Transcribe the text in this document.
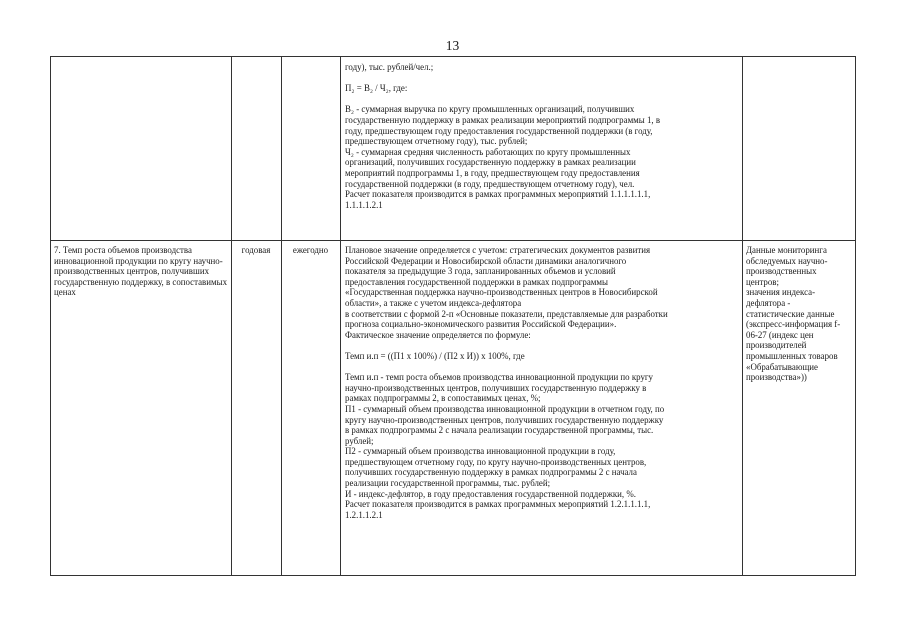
13

году), тыс. рублей/чел.;

П₂ = В₂ / Ч₂, где:

В₂ - суммарная выручка по кругу промышленных организаций, получивших
государственную поддержку в рамках реализации мероприятий подпрограммы 1, в
году, предшествующем году предоставления государственной поддержки (в году,
предшествующем отчетному году), тыс. рублей;
Ч₂ - суммарная средняя численность работающих по кругу промышленных
организаций, получивших государственную поддержку в рамках реализации
мероприятий подпрограммы 1, в году, предшествующем году предоставления
государственной поддержки (в году, предшествующем отчетному году), чел.
Расчет показателя производится в рамках программных мероприятий 1.1.1.1.1.1,
1.1.1.1.2.1

7. Темп роста объемов производства инновационной продукции по кругу научно-производственных центров, получивших государственную поддержку, в сопоставимых ценах

годовая	ежегодно	Плановое значение определяется с учетом: стратегических документов развития
Российской Федерации и Новосибирской области динамики аналогичного
показателя за предыдущие 3 года, запланированных объемов и условий
предоставления государственной поддержки в рамках подпрограммы
«Государственная поддержка научно-производственных центров в Новосибирской
области», а также с учетом индекса-дефлятора
в соответствии с формой 2-п «Основные показатели, представляемые для разработки
прогноза социально-экономического развития Российской Федерации».
Фактическое значение определяется по формуле:

Темп и.п = ((П1 x 100%) / (П2 x И)) x 100%, где

Темп и.п - темп роста объемов производства инновационной продукции по кругу
научно-производственных центров, получивших государственную поддержку в
рамках подпрограммы 2, в сопоставимых ценах, %;
П1 - суммарный объем производства инновационной продукции в отчетном году, по
кругу научно-производственных центров, получивших государственную поддержку
в рамках подпрограммы 2 с начала реализации государственной программы, тыс.
рублей;
П2 - суммарный объем производства инновационной продукции в году,
предшествующем отчетному году, по кругу научно-производственных центров,
получивших государственную поддержку в рамках подпрограммы 2 с начала
реализации государственной программы, тыс. рублей;
И - индекс-дефлятор, в году предоставления государственной поддержки, %.
Расчет показателя производится в рамках программных мероприятий 1.2.1.1.1.1,
1.2.1.1.2.1

Данные мониторинга
обследуемых научно-
производственных
центров;
значения индекса-
дефлятора -
статистические данные
(экспресс-информация f-
06-27 (индекс цен
производителей
промышленных товаров
«Обрабатывающие
производства»))
